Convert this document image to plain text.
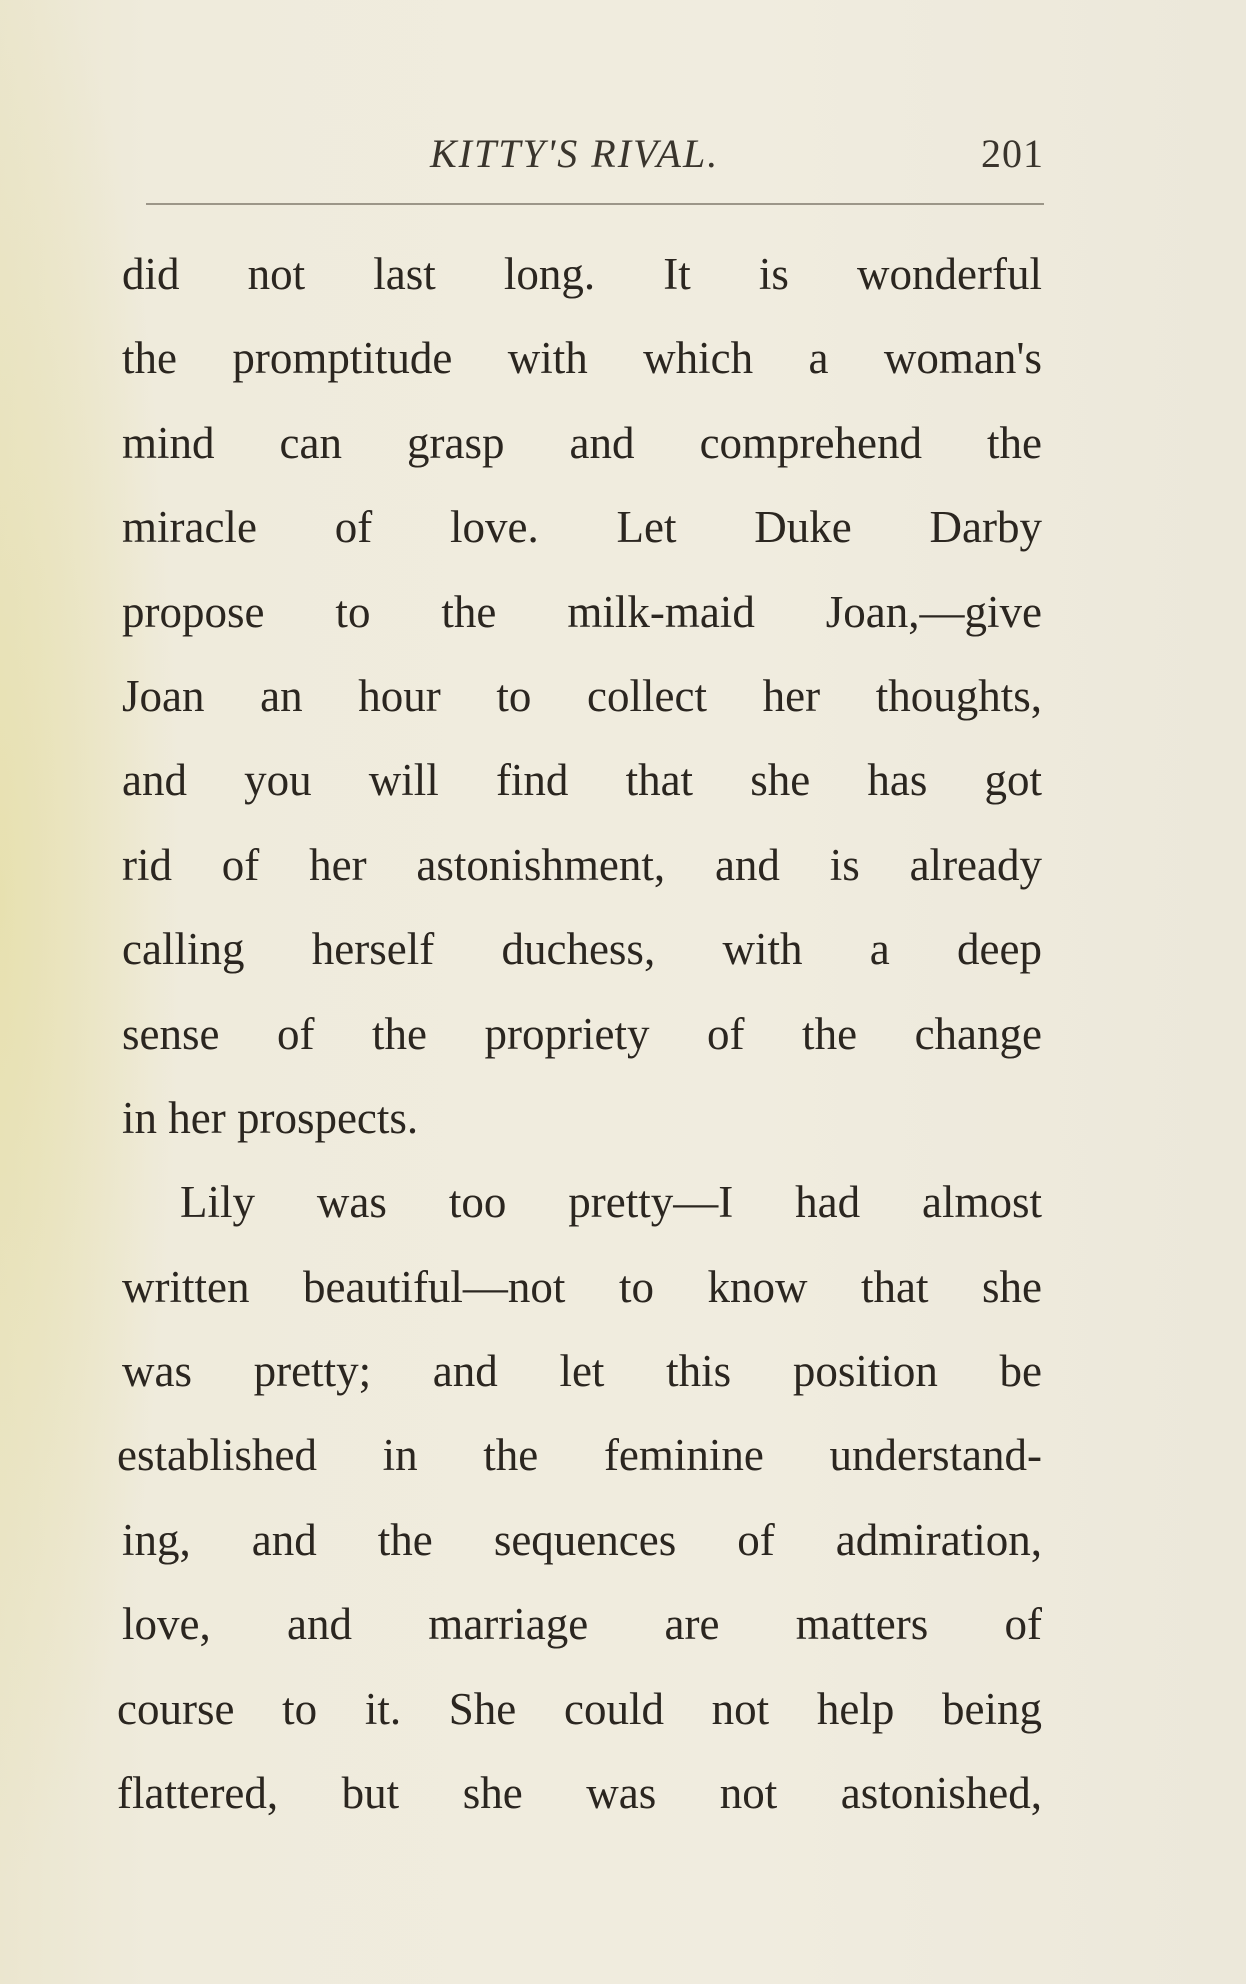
KITTY'S RIVAL.	201
did not last long. It is wonderful
the promptitude with which a woman's
mind can grasp and comprehend the
miracle of love. Let Duke Darby
propose to the milk-maid Joan,—give
Joan an hour to collect her thoughts,
and you will find that she has got
rid of her astonishment, and is already
calling herself duchess, with a deep
sense of the propriety of the change
in her prospects.
Lily was too pretty—I had almost
written beautiful—not to know that she
was pretty; and let this position be
established in the feminine understand-
ing, and the sequences of admiration,
love, and marriage are matters of
course to it. She could not help being
flattered, but she was not astonished,
